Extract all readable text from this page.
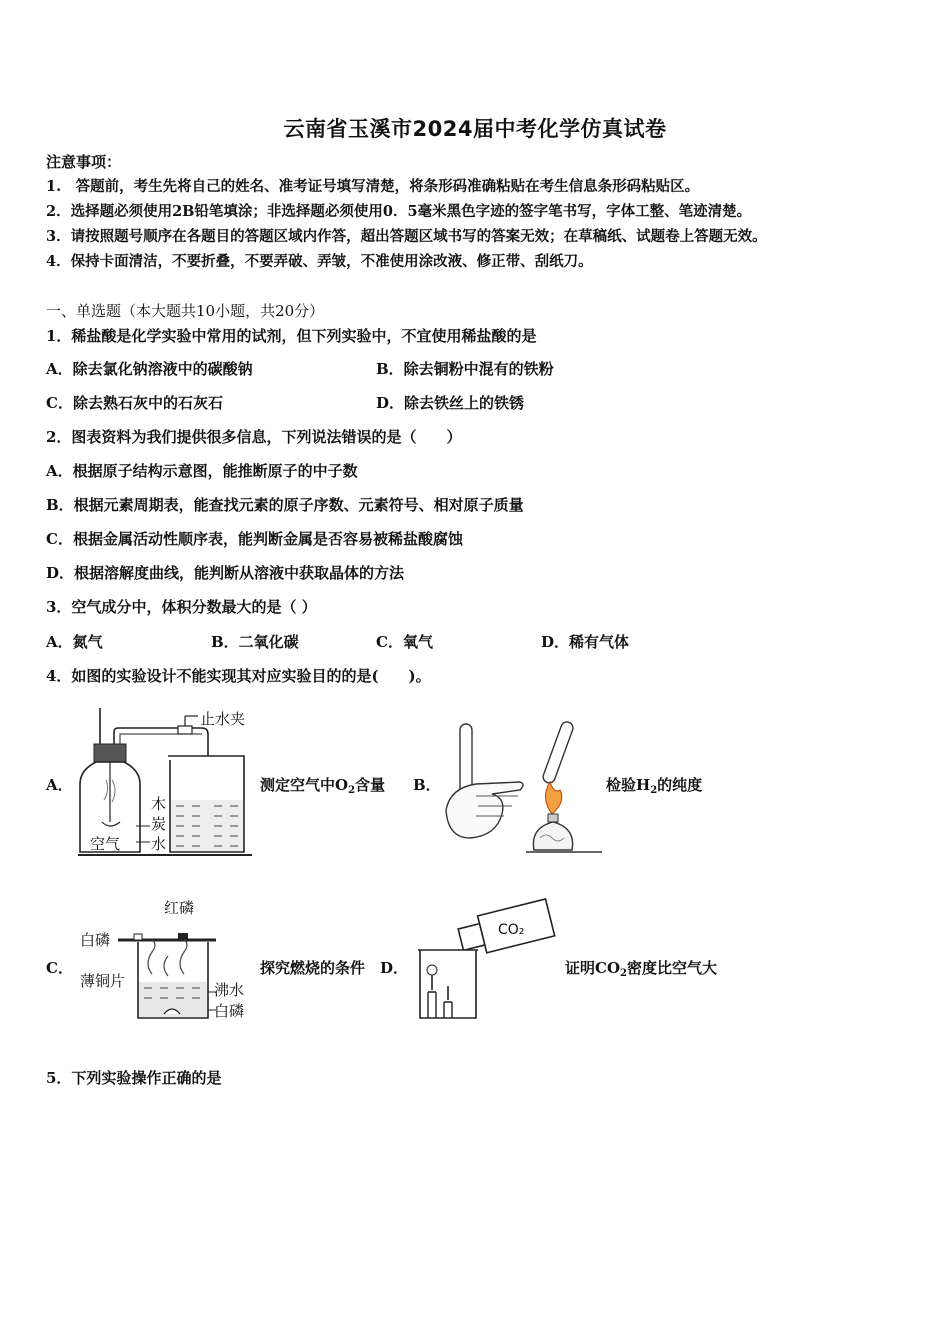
云南省玉溪市2024届中考化学仿真试卷
注意事项：
1.　答题前，考生先将自己的姓名、准考证号填写清楚，将条形码准确粘贴在考生信息条形码粘贴区。
2．选择题必须使用2B铅笔填涂；非选择题必须使用0．5毫米黑色字迹的签字笔书写，字体工整、笔迹清楚。
3．请按照题号顺序在各题目的答题区域内作答，超出答题区域书写的答案无效；在草稿纸、试题卷上答题无效。
4．保持卡面清洁，不要折叠，不要弄破、弄皱，不准使用涂改液、修正带、刮纸刀。
一、单选题（本大题共10小题，共20分）
1．稀盐酸是化学实验中常用的试剂，但下列实验中，不宜使用稀盐酸的是
A．除去氯化钠溶液中的碳酸钠	B．除去铜粉中混有的铁粉
C．除去熟石灰中的石灰石	D．除去铁丝上的铁锈
2．图表资料为我们提供很多信息，下列说法错误的是（　　）
A．根据原子结构示意图，能推断原子的中子数
B．根据元素周期表，能查找元素的原子序数、元素符号、相对原子质量
C．根据金属活动性顺序表，能判断金属是否容易被稀盐酸腐蚀
D．根据溶解度曲线，能判断从溶液中获取晶体的方法
3．空气成分中，体积分数最大的是（ ）
A．氮气	B．二氧化碳	C．氧气	D．稀有气体
4．如图的实验设计不能实现其对应实验目的的是(　　)。
A．
止水夹
木
炭
水
空气
测定空气中$O_2$含量 B．	检验$H_2$的纯度
C．
红磷
白磷
薄铜片	沸水
白磷
探究燃烧的条件 D．
CO₂
证明$CO_2$密度比空气大
5．下列实验操作正确的是
